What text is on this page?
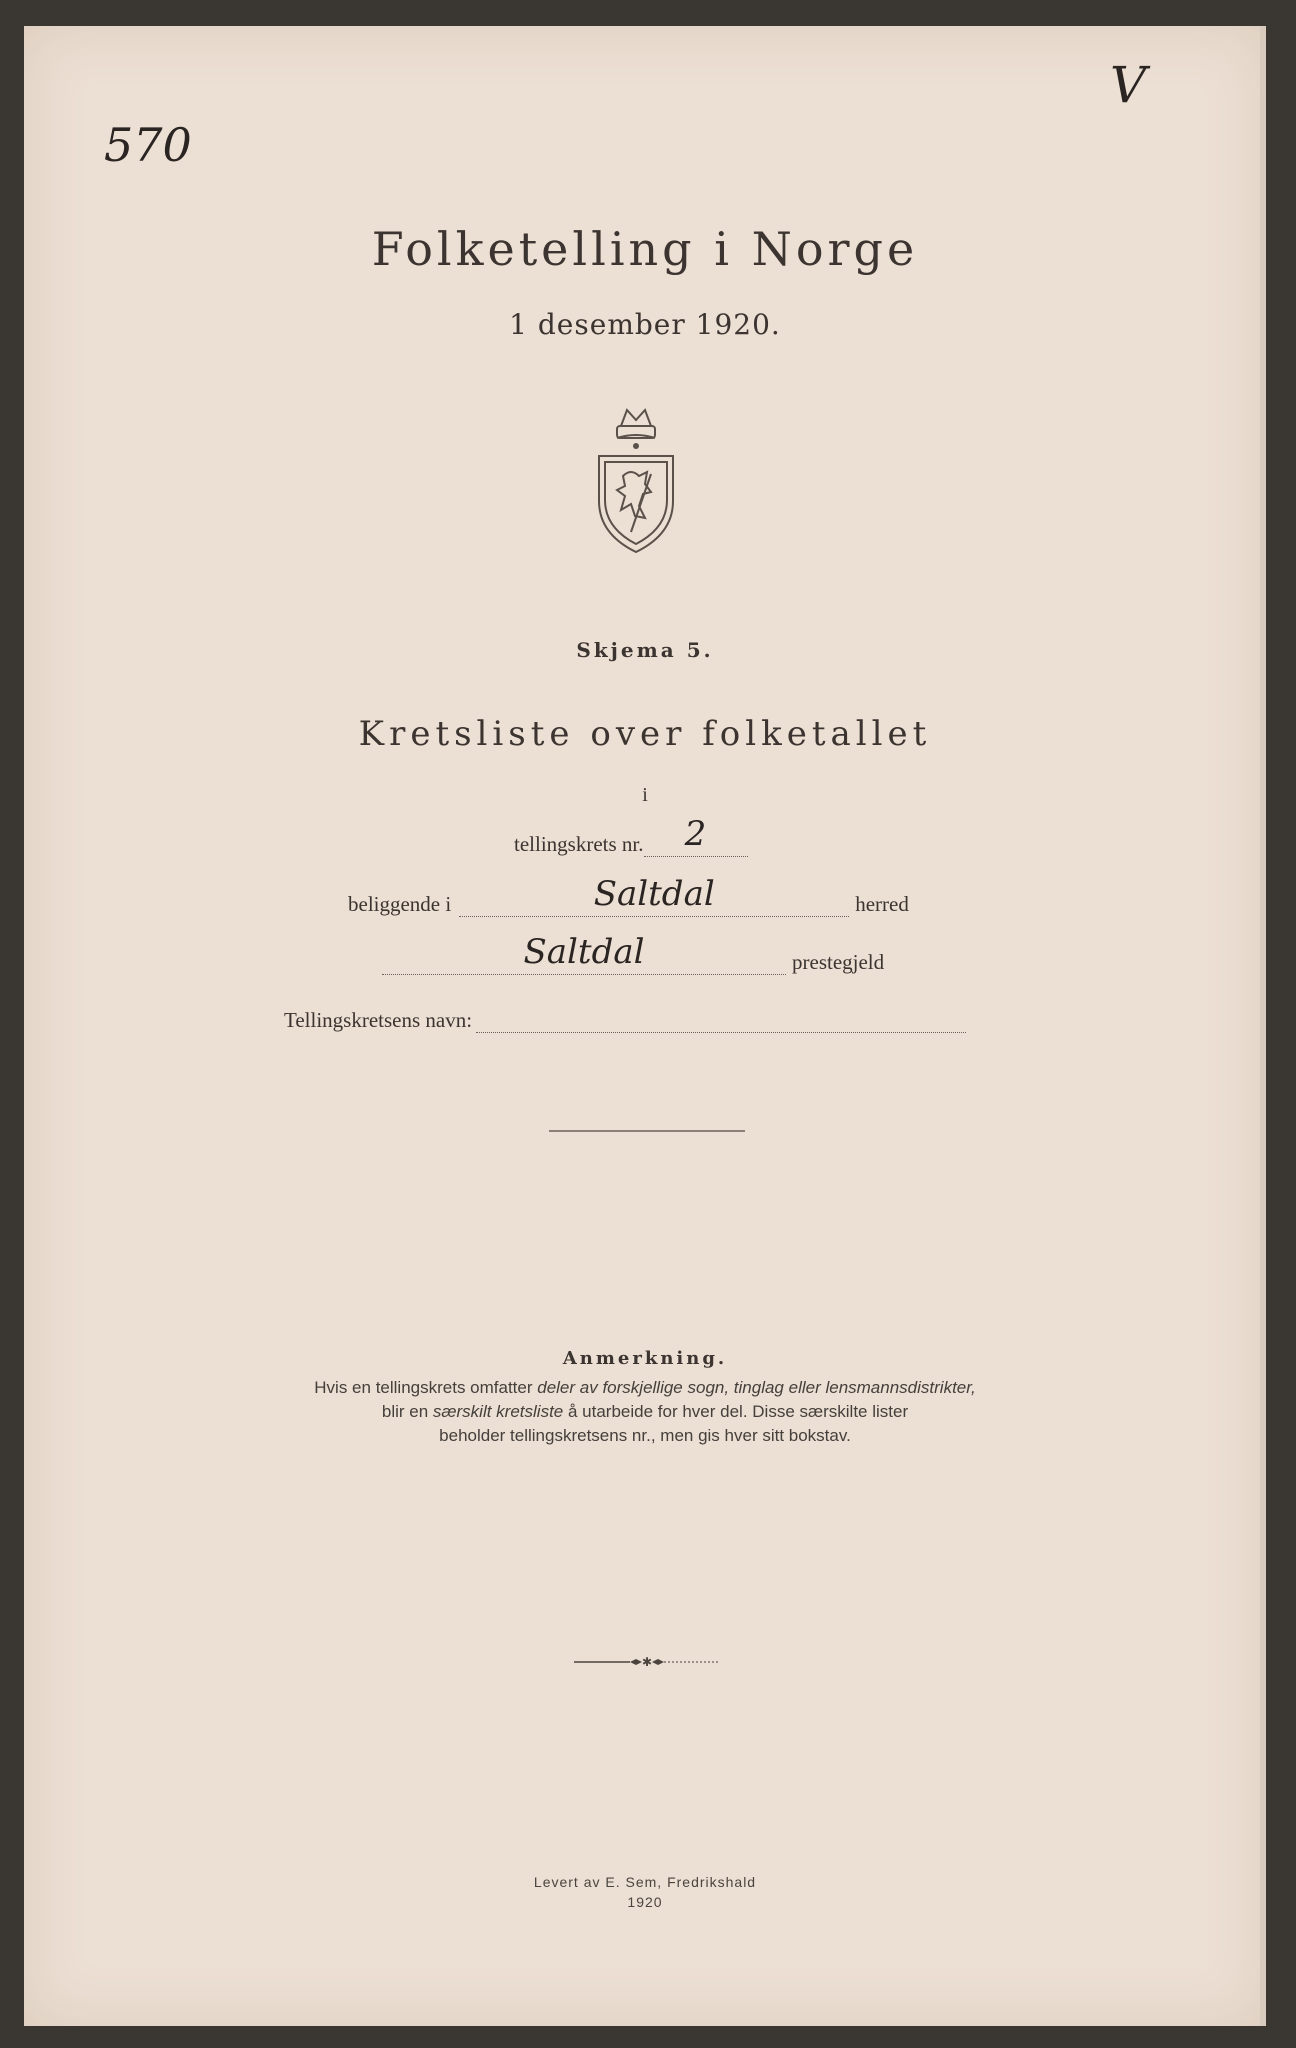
570
V
Folketelling i Norge
1 desember 1920.
Skjema 5.
Kretsliste over folketallet
i
tellingskrets nr.	2
beliggende i	Saltdal	herred
Saltdal	prestegjeld
Tellingskretsens navn:
Anmerkning.
Hvis en tellingskrets omfatter deler av forskjellige sogn, tinglag eller lensmannsdistrikter,
blir en særskilt kretsliste å utarbeide for hver del. Disse særskilte lister
beholder tellingskretsens nr., men gis hver sitt bokstav.
✱
Levert av E. Sem, Fredrikshald
1920
